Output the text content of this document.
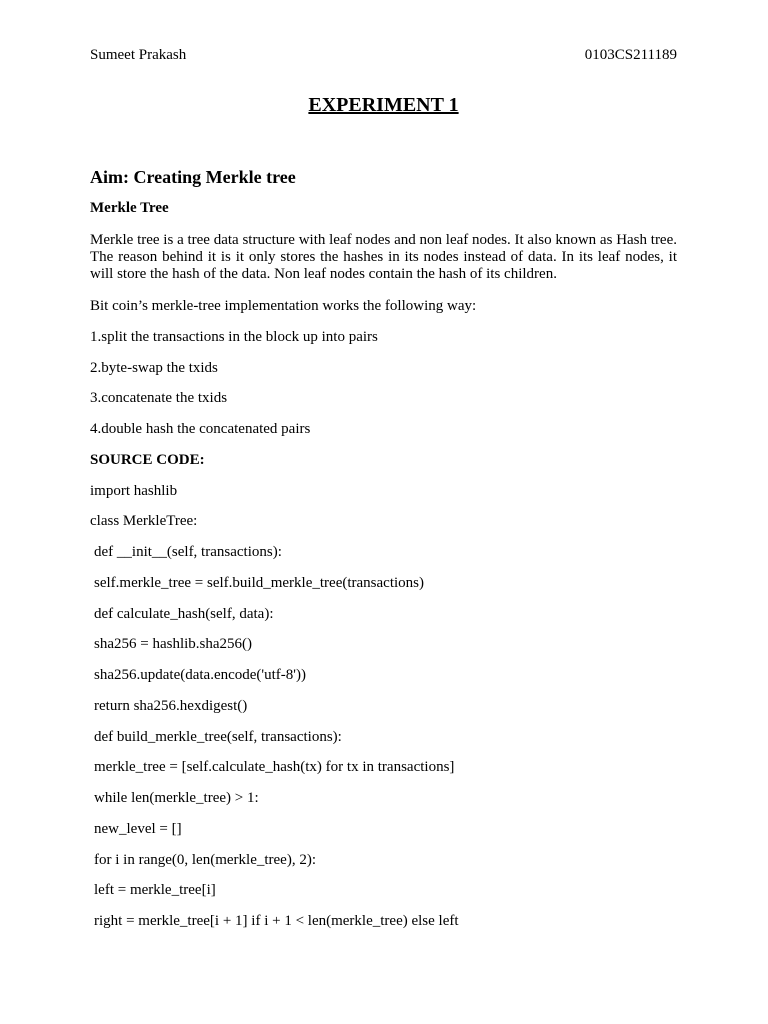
Sumeet Prakash	0103CS211189
EXPERIMENT 1
Aim: Creating Merkle tree
Merkle Tree
Merkle tree is a tree data structure with leaf nodes and non leaf nodes. It also known as Hash tree. The reason behind it is it only stores the hashes in its nodes instead of data. In its leaf nodes, it will store the hash of the data. Non leaf nodes contain the hash of its children.
Bit coin’s merkle-tree implementation works the following way:
1.split the transactions in the block up into pairs
2.byte-swap the txids
3.concatenate the txids
4.double hash the concatenated pairs
SOURCE CODE:
import hashlib
class MerkleTree:
def __init__(self, transactions):
self.merkle_tree = self.build_merkle_tree(transactions)
def calculate_hash(self, data):
sha256 = hashlib.sha256()
sha256.update(data.encode('utf-8'))
return sha256.hexdigest()
def build_merkle_tree(self, transactions):
merkle_tree = [self.calculate_hash(tx) for tx in transactions]
while len(merkle_tree) > 1:
new_level = []
for i in range(0, len(merkle_tree), 2):
left = merkle_tree[i]
right = merkle_tree[i + 1] if i + 1 < len(merkle_tree) else left
